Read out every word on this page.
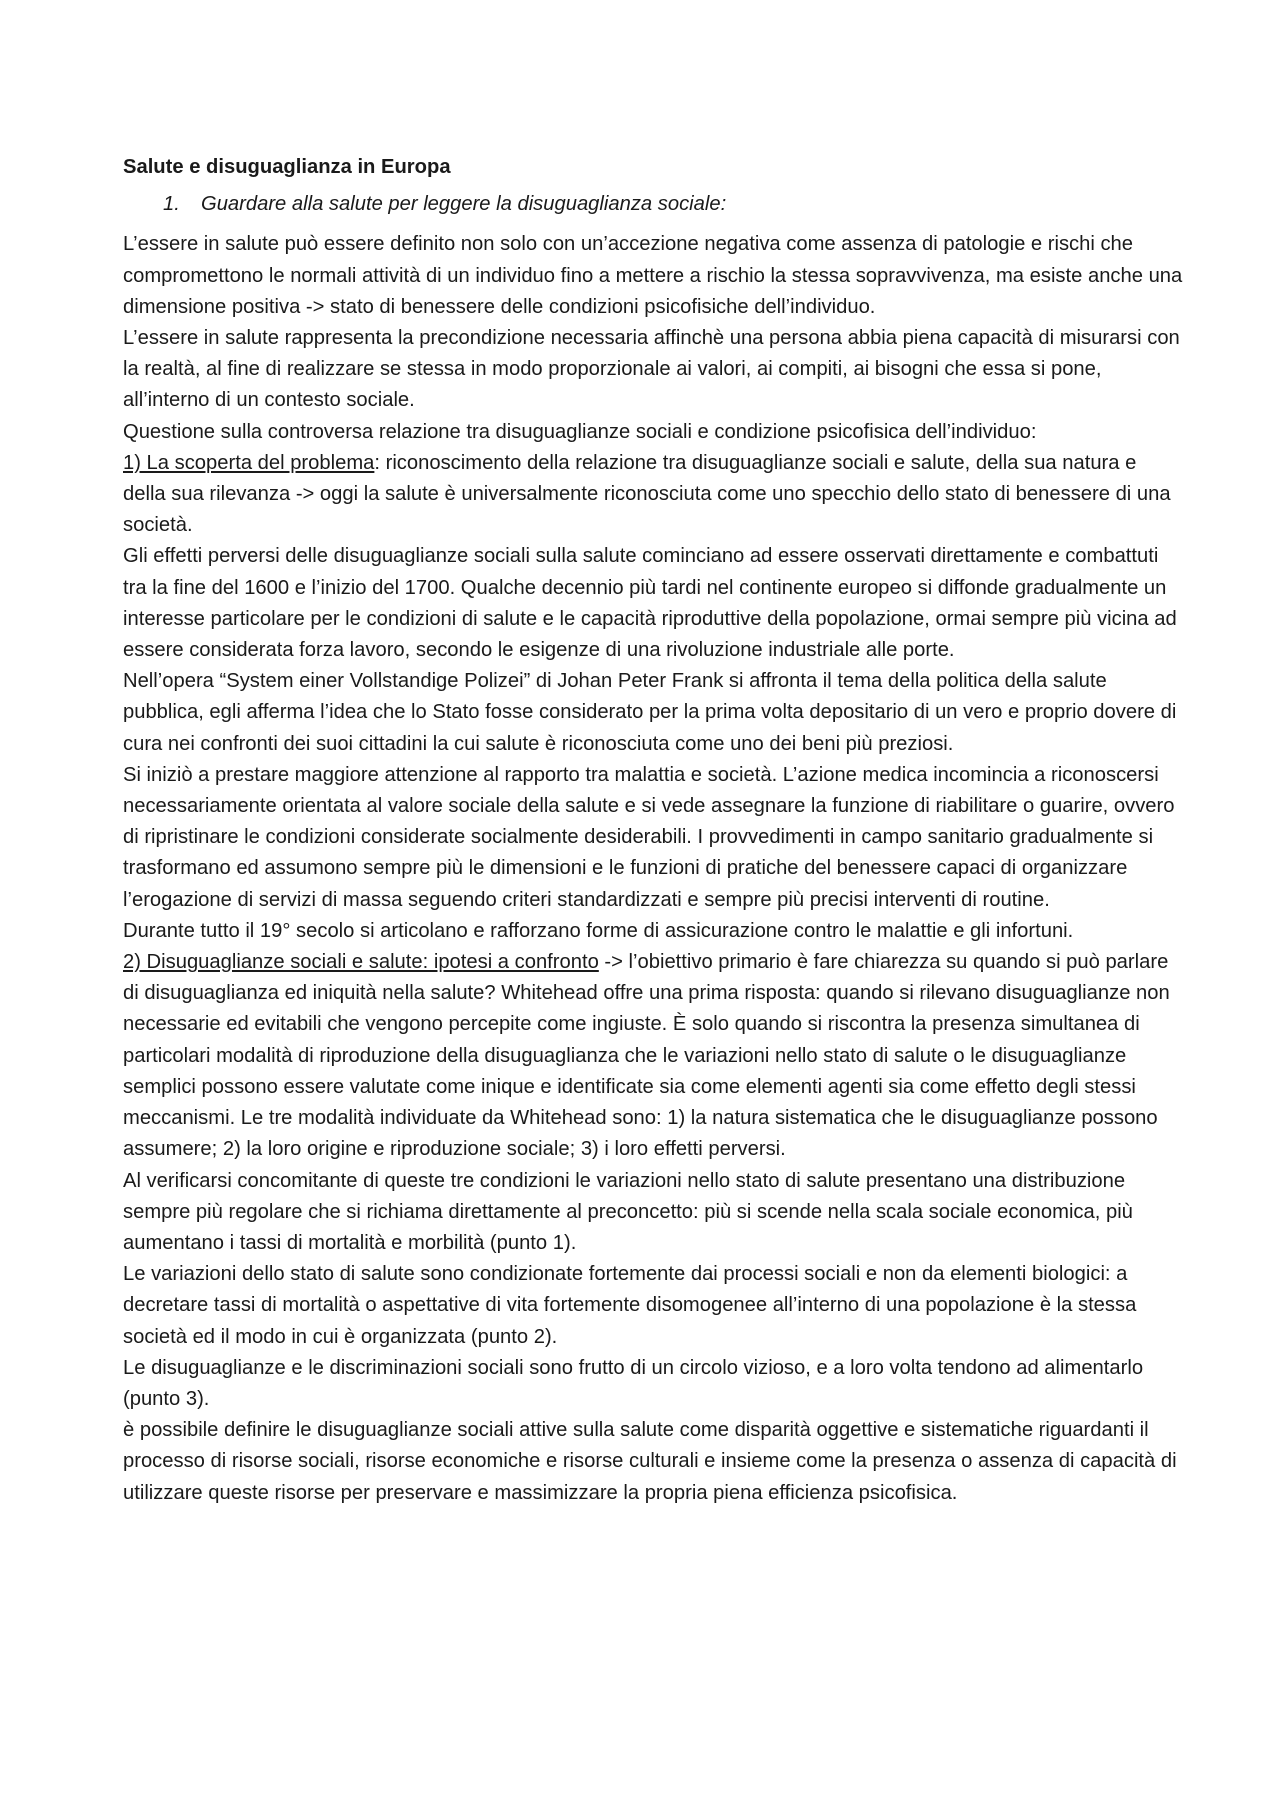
Salute e disuguaglianza in Europa

1.	Guardare alla salute per leggere la disuguaglianza sociale:

L’essere in salute può essere definito non solo con un’accezione negativa come assenza di patologie e rischi che compromettono le normali attività di un individuo fino a mettere a rischio la stessa sopravvivenza, ma esiste anche una dimensione positiva -> stato di benessere delle condizioni psicofisiche dell’individuo.

L’essere in salute rappresenta la precondizione necessaria affinchè una persona abbia piena capacità di misurarsi con la realtà, al fine di realizzare se stessa in modo proporzionale ai valori, ai compiti, ai bisogni che essa si pone, all’interno di un contesto sociale.

Questione sulla controversa relazione tra disuguaglianze sociali e condizione psicofisica dell’individuo:

1) La scoperta del problema: riconoscimento della relazione tra disuguaglianze sociali e salute, della sua natura e della sua rilevanza -> oggi la salute è universalmente riconosciuta come uno specchio dello stato di benessere di una società.

Gli effetti perversi delle disuguaglianze sociali sulla salute cominciano ad essere osservati direttamente e combattuti tra la fine del 1600 e l’inizio del 1700. Qualche decennio più tardi nel continente europeo si diffonde gradualmente un interesse particolare per le condizioni di salute e le capacità riproduttive della popolazione, ormai sempre più vicina ad essere considerata forza lavoro, secondo le esigenze di una rivoluzione industriale alle porte.

Nell’opera “System einer Vollstandige Polizei” di Johan Peter Frank si affronta il tema della politica della salute pubblica, egli afferma l’idea che lo Stato fosse considerato per la prima volta depositario di un vero e proprio dovere di cura nei confronti dei suoi cittadini la cui salute è riconosciuta come uno dei beni più preziosi.

Si iniziò a prestare maggiore attenzione al rapporto tra malattia e società. L’azione medica incomincia a riconoscersi necessariamente orientata al valore sociale della salute e si vede assegnare la funzione di riabilitare o guarire, ovvero di ripristinare le condizioni considerate socialmente desiderabili. I provvedimenti in campo sanitario gradualmente si trasformano ed assumono sempre più le dimensioni e le funzioni di pratiche del benessere capaci di organizzare l’erogazione di servizi di massa seguendo criteri standardizzati e sempre più precisi interventi di routine.

Durante tutto il 19° secolo si articolano e rafforzano forme di assicurazione contro le malattie e gli infortuni.

2) Disuguaglianze sociali e salute: ipotesi a confronto -> l’obiettivo primario è fare chiarezza su quando si può parlare di disuguaglianza ed iniquità nella salute? Whitehead offre una prima risposta: quando si rilevano disuguaglianze non necessarie ed evitabili che vengono percepite come ingiuste. È solo quando si riscontra la presenza simultanea di particolari modalità di riproduzione della disuguaglianza che le variazioni nello stato di salute o le disuguaglianze semplici possono essere valutate come inique e identificate sia come elementi agenti sia come effetto degli stessi meccanismi. Le tre modalità individuate da Whitehead sono: 1) la natura sistematica che le disuguaglianze possono assumere; 2) la loro origine e riproduzione sociale; 3) i loro effetti perversi.

Al verificarsi concomitante di queste tre condizioni le variazioni nello stato di salute presentano una distribuzione sempre più regolare che si richiama direttamente al preconcetto: più si scende nella scala sociale economica, più aumentano i tassi di mortalità e morbilità (punto 1).

Le variazioni dello stato di salute sono condizionate fortemente dai processi sociali e non da elementi biologici: a decretare tassi di mortalità o aspettative di vita fortemente disomogenee all’interno di una popolazione è la stessa società ed il modo in cui è organizzata (punto 2).

Le disuguaglianze e le discriminazioni sociali sono frutto di un circolo vizioso, e a loro volta tendono ad alimentarlo (punto 3).

è possibile definire le disuguaglianze sociali attive sulla salute come disparità oggettive e sistematiche riguardanti il processo di risorse sociali, risorse economiche e risorse culturali e insieme come la presenza o assenza di capacità di utilizzare queste risorse per preservare e massimizzare la propria piena efficienza psicofisica.
